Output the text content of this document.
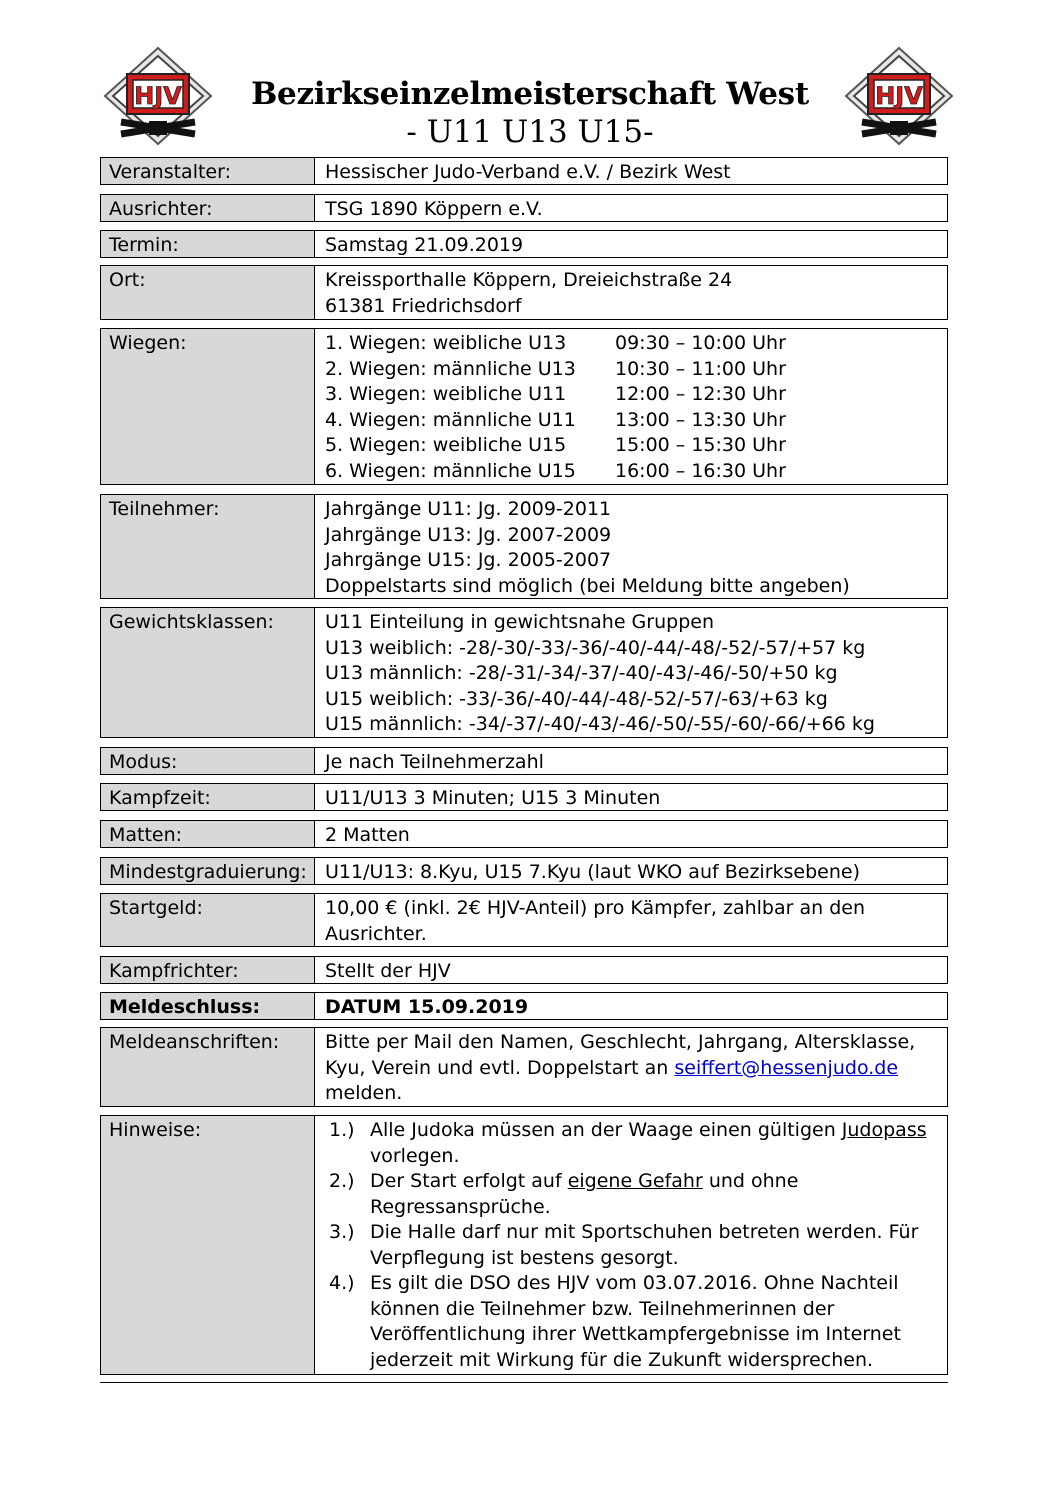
HJV	HJV
Bezirkseinzelmeisterschaft West
- U11 U13 U15-
Veranstalter:	Hessischer Judo-Verband e.V. / Bezirk West
Ausrichter:	TSG 1890 Köppern e.V.
Termin:	Samstag 21.09.2019
Ort:	Kreissporthalle Köppern, Dreieichstraße 24
61381 Friedrichsdorf
Wiegen:	1. Wiegen: weibliche U13	09:30 – 10:00 Uhr
2. Wiegen: männliche U13	10:30 – 11:00 Uhr
3. Wiegen: weibliche U11	12:00 – 12:30 Uhr
4. Wiegen: männliche U11	13:00 – 13:30 Uhr
5. Wiegen: weibliche U15	15:00 – 15:30 Uhr
6. Wiegen: männliche U15	16:00 – 16:30 Uhr
Teilnehmer:	Jahrgänge U11: Jg. 2009-2011
Jahrgänge U13: Jg. 2007-2009
Jahrgänge U15: Jg. 2005-2007
Doppelstarts sind möglich (bei Meldung bitte angeben)
Gewichtsklassen:	U11 Einteilung in gewichtsnahe Gruppen
U13 weiblich: -28/-30/-33/-36/-40/-44/-48/-52/-57/+57 kg
U13 männlich: -28/-31/-34/-37/-40/-43/-46/-50/+50 kg
U15 weiblich: -33/-36/-40/-44/-48/-52/-57/-63/+63 kg
U15 männlich: -34/-37/-40/-43/-46/-50/-55/-60/-66/+66 kg
Modus:	Je nach Teilnehmerzahl
Kampfzeit:	U11/U13 3 Minuten; U15 3 Minuten
Matten:	2 Matten
Mindestgraduierung: U11/U13: 8.Kyu, U15 7.Kyu (laut WKO auf Bezirksebene)
Startgeld:	10,00 € (inkl. 2€ HJV-Anteil) pro Kämpfer, zahlbar an den
Ausrichter.
Kampfrichter:	Stellt der HJV
Meldeschluss:	DATUM 15.09.2019
Meldeanschriften:	Bitte per Mail den Namen, Geschlecht, Jahrgang, Altersklasse,
Kyu, Verein und evtl. Doppelstart an seiffert@hessenjudo.de
melden.
Hinweise:	1.) Alle Judoka müssen an der Waage einen gültigen Judopass
vorlegen.
2.) Der Start erfolgt auf eigene Gefahr und ohne
Regressansprüche.
3.) Die Halle darf nur mit Sportschuhen betreten werden. Für
Verpflegung ist bestens gesorgt.
4.) Es gilt die DSO des HJV vom 03.07.2016. Ohne Nachteil
können die Teilnehmer bzw. Teilnehmerinnen der
Veröffentlichung ihrer Wettkampfergebnisse im Internet
jederzeit mit Wirkung für die Zukunft widersprechen.
